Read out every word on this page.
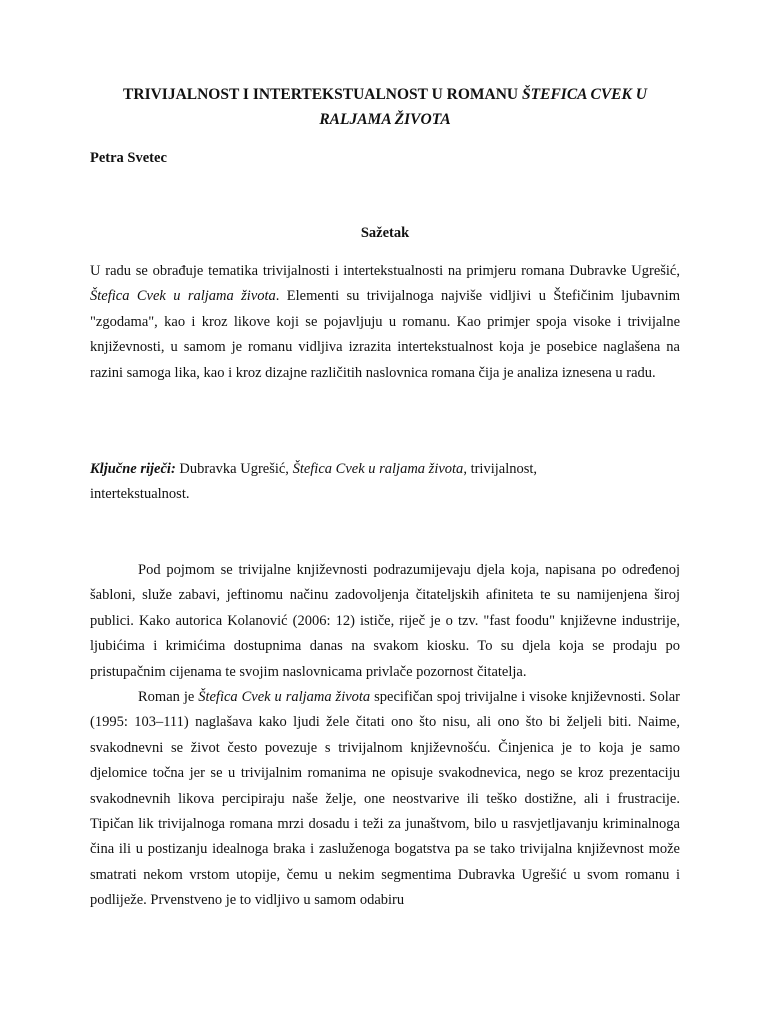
TRIVIJALNOST I INTERTEKSTUALNOST U ROMANU ŠTEFICA CVEK U RALJAMA ŽIVOTA
Petra Svetec
Sažetak

U radu se obrađuje tematika trivijalnosti i intertekstualnosti na primjeru romana Dubravke Ugrešić, Štefica Cvek u raljama života. Elementi su trivijalnoga najviše vidljivi u Štefičinim ljubavnim "zgodama", kao i kroz likove koji se pojavljuju u romanu. Kao primjer spoja visoke i trivijalne književnosti, u samom je romanu vidljiva izrazita intertekstualnost koja je posebice naglašena na razini samoga lika, kao i kroz dizajne različitih naslovnica romana čija je analiza iznesena u radu.

Ključne riječi: Dubravka Ugrešić, Štefica Cvek u raljama života, trivijalnost,

intertekstualnost.

Pod pojmom se trivijalne književnosti podrazumijevaju djela koja, napisana po određenoj šabloni, služe zabavi, jeftinomu načinu zadovoljenja čitateljskih afiniteta te su namijenjena široj publici. Kako autorica Kolanović (2006: 12) ističe, riječ je o tzv. "fast foodu" književne industrije, ljubićima i krimićima dostupnima danas na svakom kiosku. To su djela koja se prodaju po pristupačnim cijenama te svojim naslovnicama privlače pozornost čitatelja.

Roman je Štefica Cvek u raljama života specifičan spoj trivijalne i visoke književnosti. Solar (1995: 103–111) naglašava kako ljudi žele čitati ono što nisu, ali ono što bi željeli biti. Naime, svakodnevni se život često povezuje s trivijalnom književnošću. Činjenica je to koja je samo djelomice točna jer se u trivijalnim romanima ne opisuje svakodnevica, nego se kroz prezentaciju svakodnevnih likova percipiraju naše želje, one neostvarive ili teško dostižne, ali i frustracije. Tipičan lik trivijalnoga romana mrzi dosadu i teži za junaštvom, bilo u rasvjetljavanju kriminalnoga čina ili u postizanju idealnoga braka i zasluženoga bogatstva pa se tako trivijalna književnost može smatrati nekom vrstom utopije, čemu u nekim segmentima Dubravka Ugrešić u svom romanu i podliježe. Prvenstveno je to vidljivo u samom odabiru
